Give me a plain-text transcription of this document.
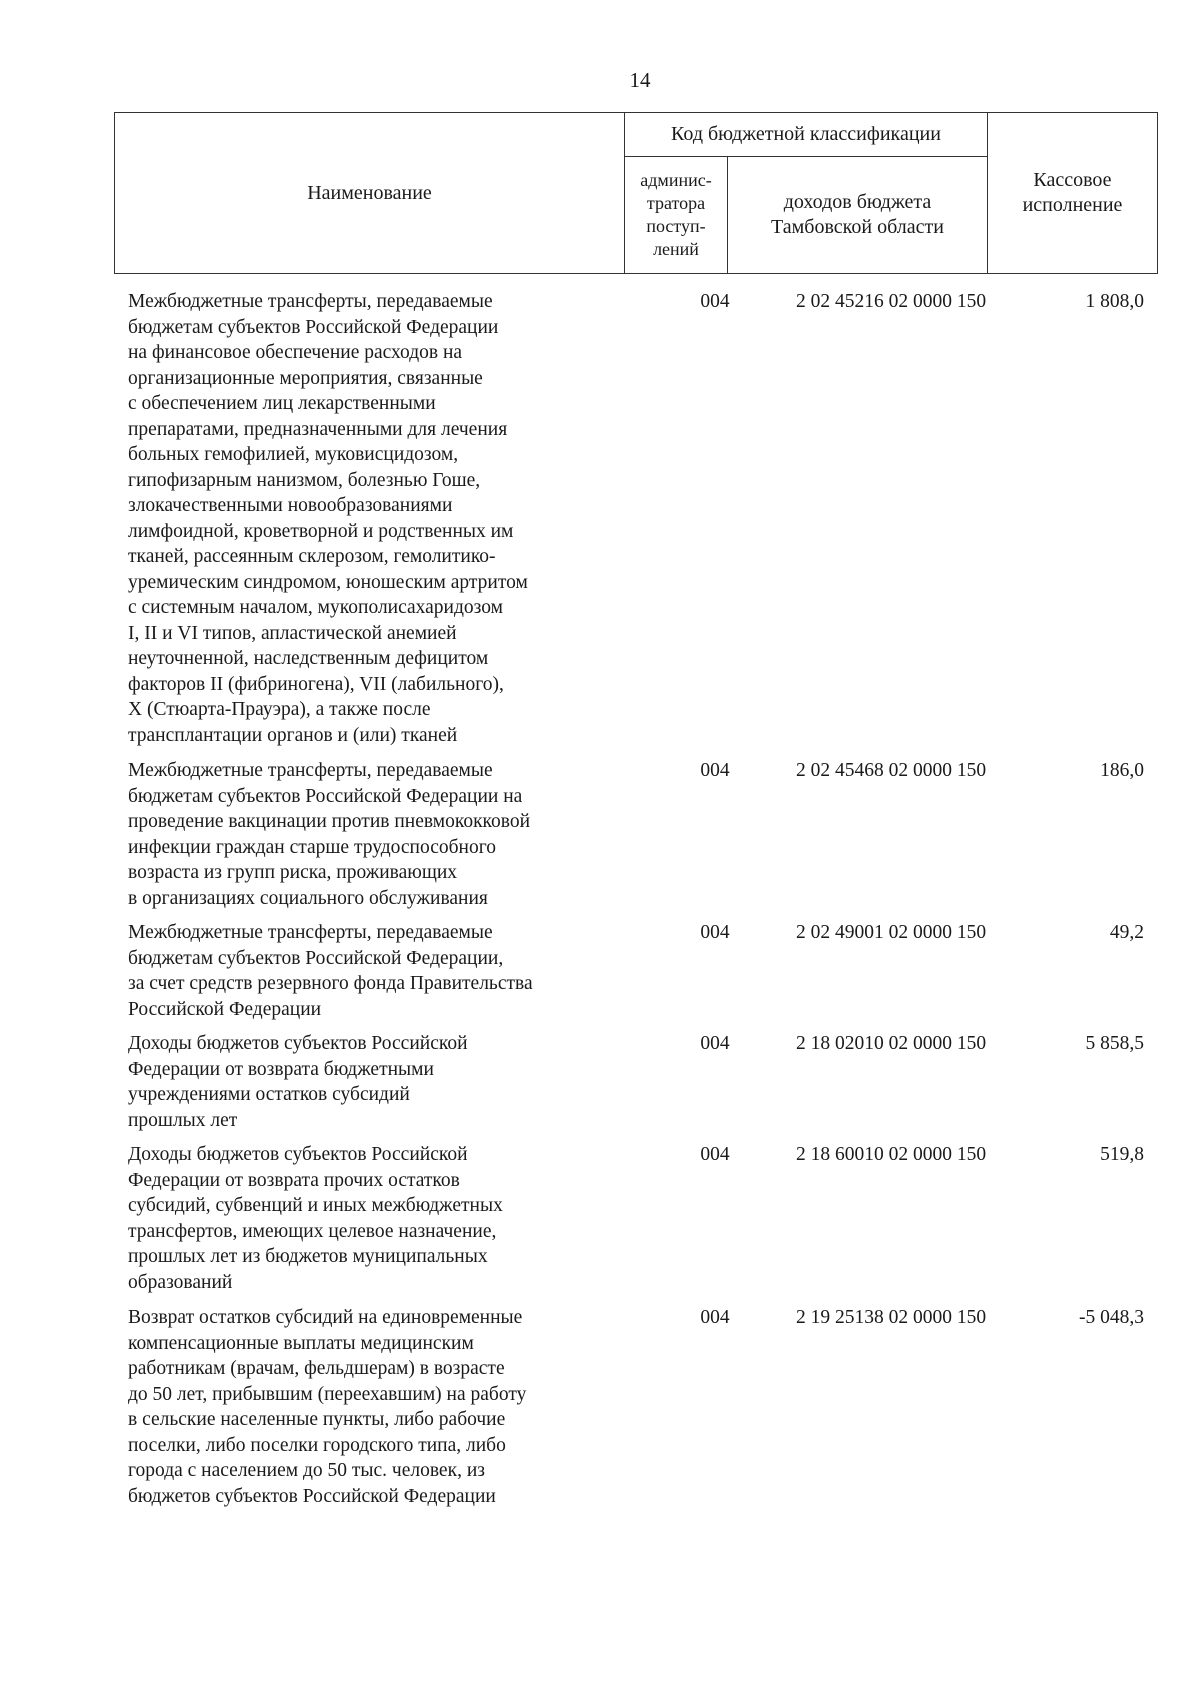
14
Наименование	Код бюджетной классификации		Кассовое
исполнение

	админис-
тратора
поступ-
лений	доходов бюджета
Тамбовской области	
Межбюджетные трансферты, передаваемые
бюджетам субъектов Российской Федерации
на финансовое обеспечение расходов на
организационные мероприятия, связанные
с обеспечением лиц лекарственными
препаратами, предназначенными для лечения
больных гемофилией, муковисцидозом,
гипофизарным нанизмом, болезнью Гоше,
злокачественными новообразованиями
лимфоидной, кроветворной и родственных им
тканей, рассеянным склерозом, гемолитико-
уремическим синдромом, юношеским артритом
с системным началом, мукополисахаридозом
I, II и VI типов, апластической анемией
неуточненной, наследственным дефицитом
факторов II (фибриногена), VII (лабильного),
X (Стюарта-Прауэра), а также после
трансплантации органов и (или) тканей
004	2 02 45216 02 0000 150	1 808,0
Межбюджетные трансферты, передаваемые
бюджетам субъектов Российской Федерации на
проведение вакцинации против пневмококковой
инфекции граждан старше трудоспособного
возраста из групп риска, проживающих
в организациях социального обслуживания
004	2 02 45468 02 0000 150	186,0
Межбюджетные трансферты, передаваемые
бюджетам субъектов Российской Федерации,
за счет средств резервного фонда Правительства
Российской Федерации
004	2 02 49001 02 0000 150	49,2
Доходы бюджетов субъектов Российской
Федерации от возврата бюджетными
учреждениями остатков субсидий
прошлых лет
004	2 18 02010 02 0000 150	5 858,5
Доходы бюджетов субъектов Российской
Федерации от возврата прочих остатков
субсидий, субвенций и иных межбюджетных
трансфертов, имеющих целевое назначение,
прошлых лет из бюджетов муниципальных
образований
004	2 18 60010 02 0000 150	519,8
Возврат остатков субсидий на единовременные
компенсационные выплаты медицинским
работникам (врачам, фельдшерам) в возрасте
до 50 лет, прибывшим (переехавшим) на работу
в сельские населенные пункты, либо рабочие
поселки, либо поселки городского типа, либо
города с населением до 50 тыс. человек, из
бюджетов субъектов Российской Федерации
004	2 19 25138 02 0000 150	-5 048,3
